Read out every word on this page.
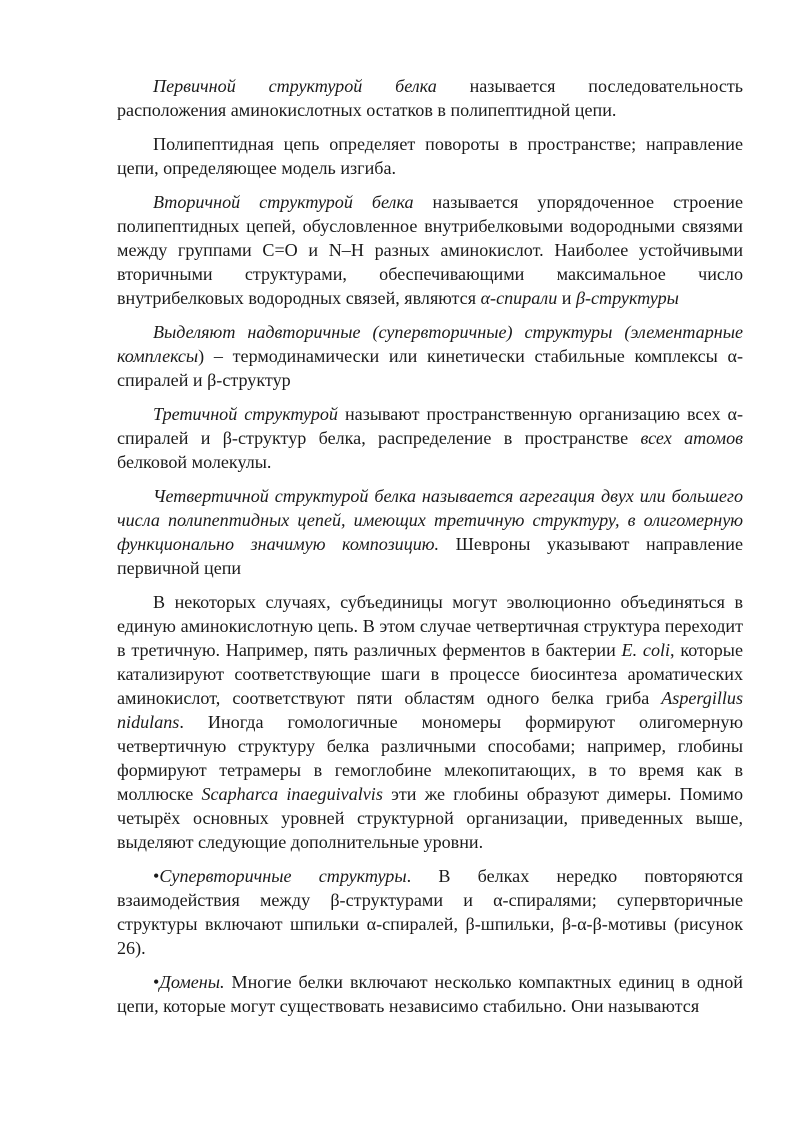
Первичной структурой белка называется последовательность расположения аминокислотных остатков в полипептидной цепи.

Полипептидная цепь определяет повороты в пространстве; направление цепи, определяющее модель изгиба.

Вторичной структурой белка называется упорядоченное строение полипептидных цепей, обусловленное внутрибелковыми водородными связями между группами С=О и N–H разных аминокислот. Наиболее устойчивыми вторичными структурами, обеспечивающими максимальное число внутрибелковых водородных связей, являются α-спирали и β-структуры

Выделяют надвторичные (супервторичные) структуры (элементарные комплексы) – термодинамически или кинетически стабильные комплексы α-спиралей и β-структур

Третичной структурой называют пространственную организацию всех α-спиралей и β-структур белка, распределение в пространстве всех атомов белковой молекулы.

Четвертичной структурой белка называется агрегация двух или большего числа полипептидных цепей, имеющих третичную структуру, в олигомерную функционально значимую композицию. Шевроны указывают направление первичной цепи

В некоторых случаях, субъединицы могут эволюционно объединяться в единую аминокислотную цепь. В этом случае четвертичная структура переходит в третичную. Например, пять различных ферментов в бактерии E. coli, которые катализируют соответствующие шаги в процессе биосинтеза ароматических аминокислот, соответствуют пяти областям одного белка гриба Aspergillus nidulans. Иногда гомологичные мономеры формируют олигомерную четвертичную структуру белка различными способами; например, глобины формируют тетрамеры в гемоглобине млекопитающих, в то время как в моллюске Scapharca inaeguivalvis эти же глобины образуют димеры. Помимо четырёх основных уровней структурной организации, приведенных выше, выделяют следующие дополнительные уровни.

•Супервторичные структуры. В белках нередко повторяются взаимодействия между β-структурами и α-спиралями; супервторичные структуры включают шпильки α-спиралей, β-шпильки, β-α-β-мотивы (рисунок 26).

•Домены. Многие белки включают несколько компактных единиц в одной цепи, которые могут существовать независимо стабильно. Они называются
